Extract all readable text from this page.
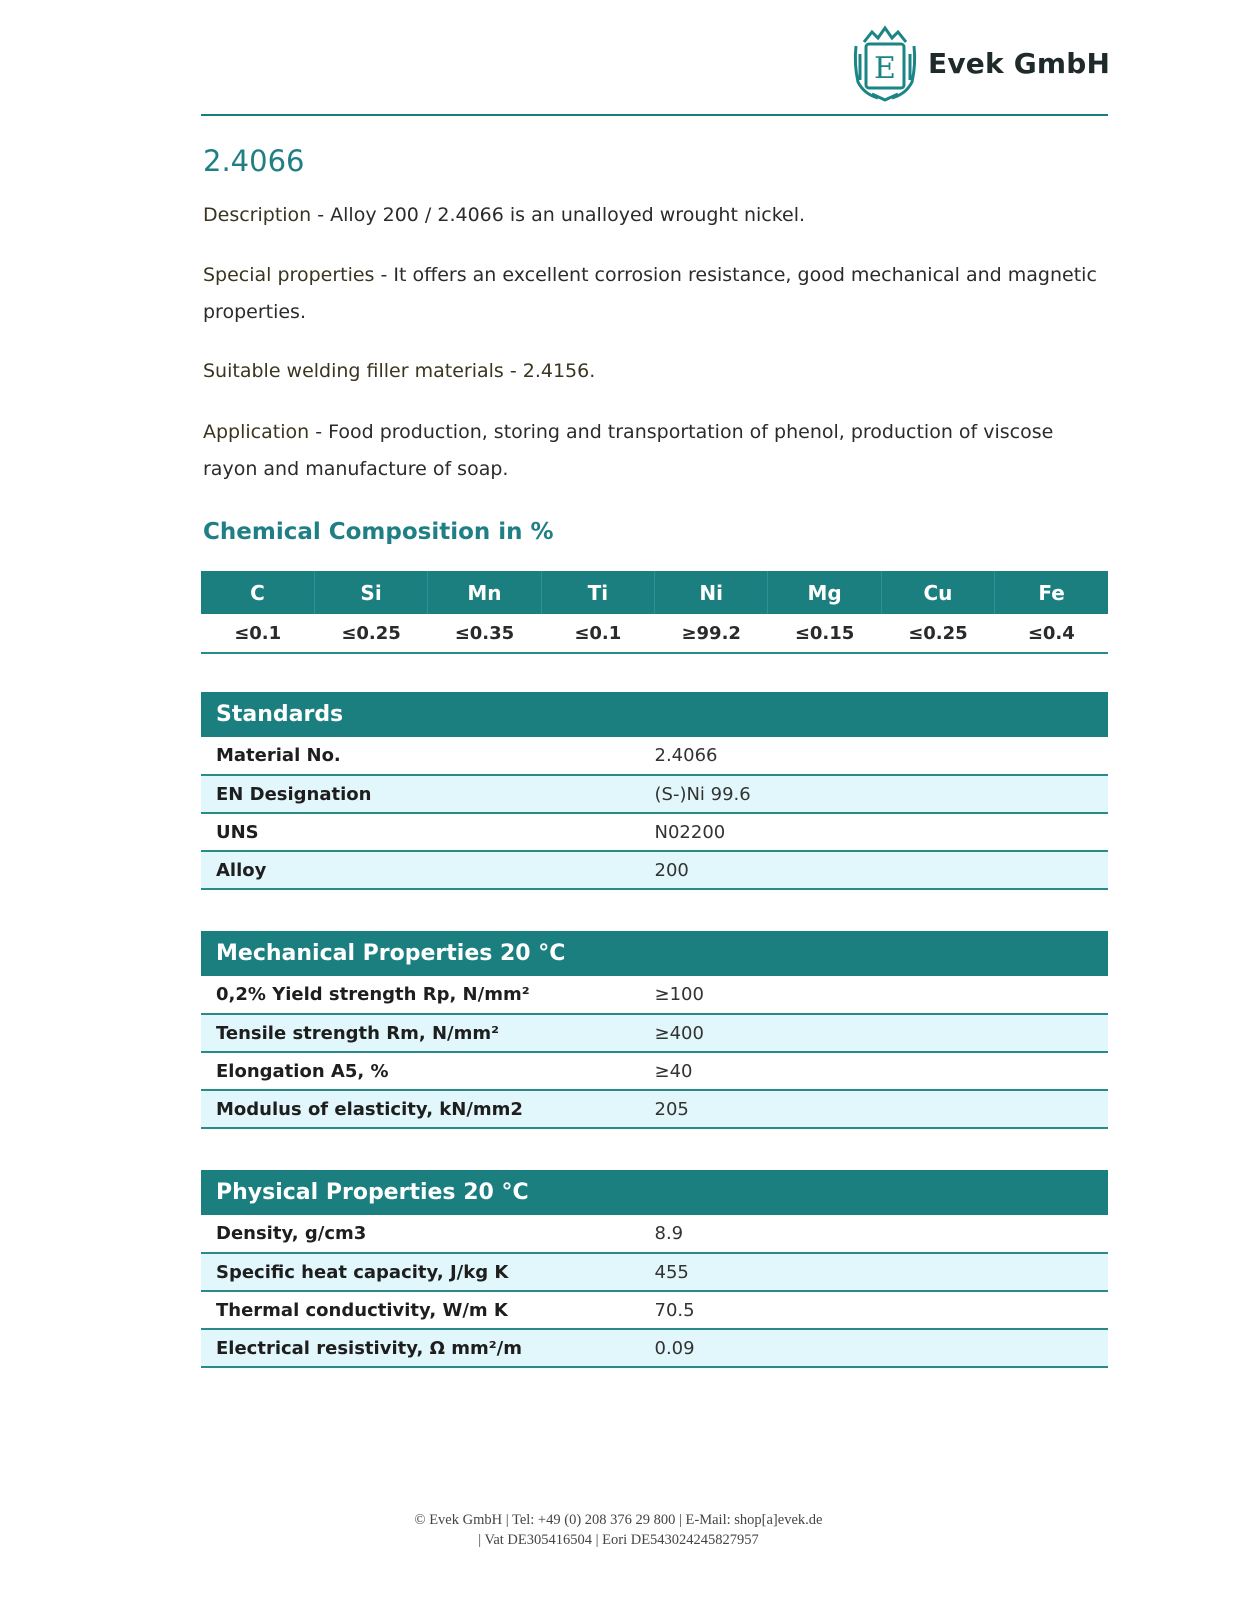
E Evek GmbH
2.4066

Description - Alloy 200 / 2.4066 is an unalloyed wrought nickel.

Special properties - It offers an excellent corrosion resistance, good mechanical and magnetic properties.

Suitable welding filler materials - 2.4156.

Application - Food production, storing and transportation of phenol, production of viscose rayon and manufacture of soap.

Chemical Composition in %
C	Si	Mn	Ti	Ni	Mg	Cu	Fe
≤0.1	≤0.25	≤0.35	≤0.1	≥99.2	≤0.15	≤0.25	≤0.4
Standards	
Material No.	2.4066
EN Designation	(S-)Ni 99.6
UNS	N02200
Alloy	200
Mechanical Properties 20 °C	
0,2% Yield strength Rp, N/mm²	≥100
Tensile strength Rm, N/mm²	≥400
Elongation A5, %	≥40
Modulus of elasticity, kN/mm2	205
Physical Properties 20 °C	
Density, g/cm3	8.9
Specific heat capacity, J/kg K	455
Thermal conductivity, W/m K	70.5
Electrical resistivity, Ω mm²/m	0.09
© Evek GmbH | Tel: +49 (0) 208 376 29 800 | E-Mail: shop[a]evek.de
| Vat DE305416504 | Eori DE543024245827957
